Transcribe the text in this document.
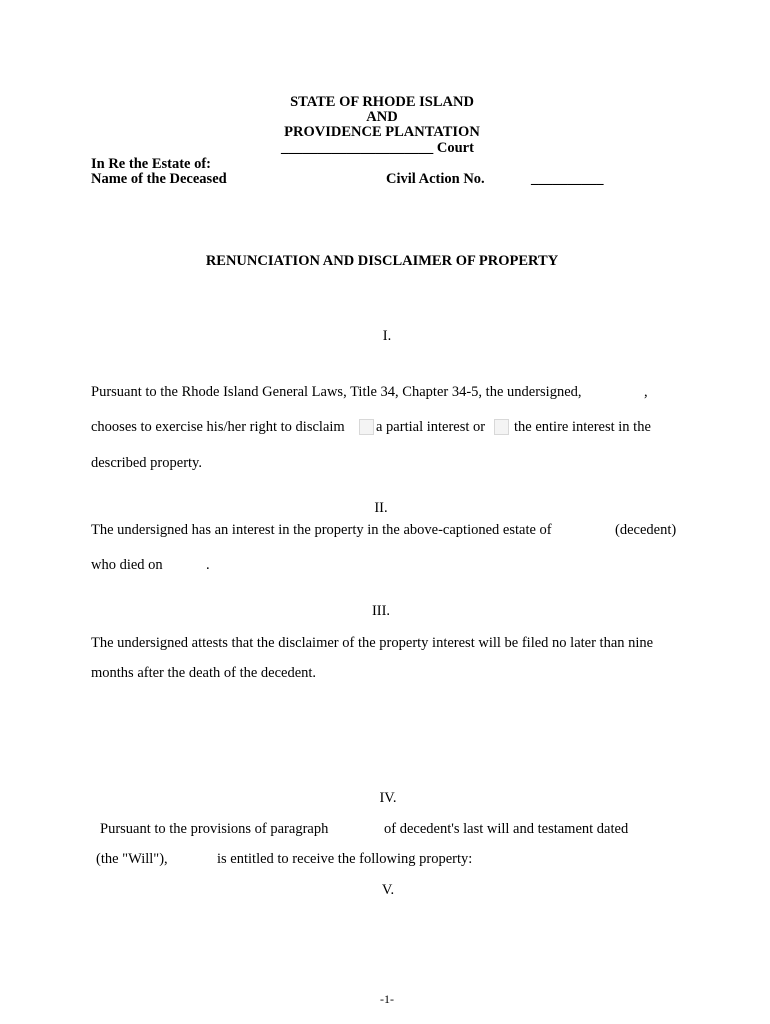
STATE OF RHODE ISLAND
AND
PROVIDENCE PLANTATION
_____________________ Court
In Re the Estate of:
Name of the Deceased	Civil Action No.	__________
RENUNCIATION AND DISCLAIMER OF PROPERTY
I.
Pursuant to the Rhode Island General Laws, Title 34, Chapter 34-5, the undersigned,	,
chooses to exercise his/her right to disclaim a partial interest or the entire interest in the
described property.
II.
The undersigned has an interest in the property in the above-captioned estate of	(decedent)
who died on	.
III.
The undersigned attests that the disclaimer of the property interest will be filed no later than nine
months after the death of the decedent.
IV.
Pursuant to the provisions of paragraph	of decedent's last will and testament dated
(the "Will"),	is entitled to receive the following property:
V.
-1-
